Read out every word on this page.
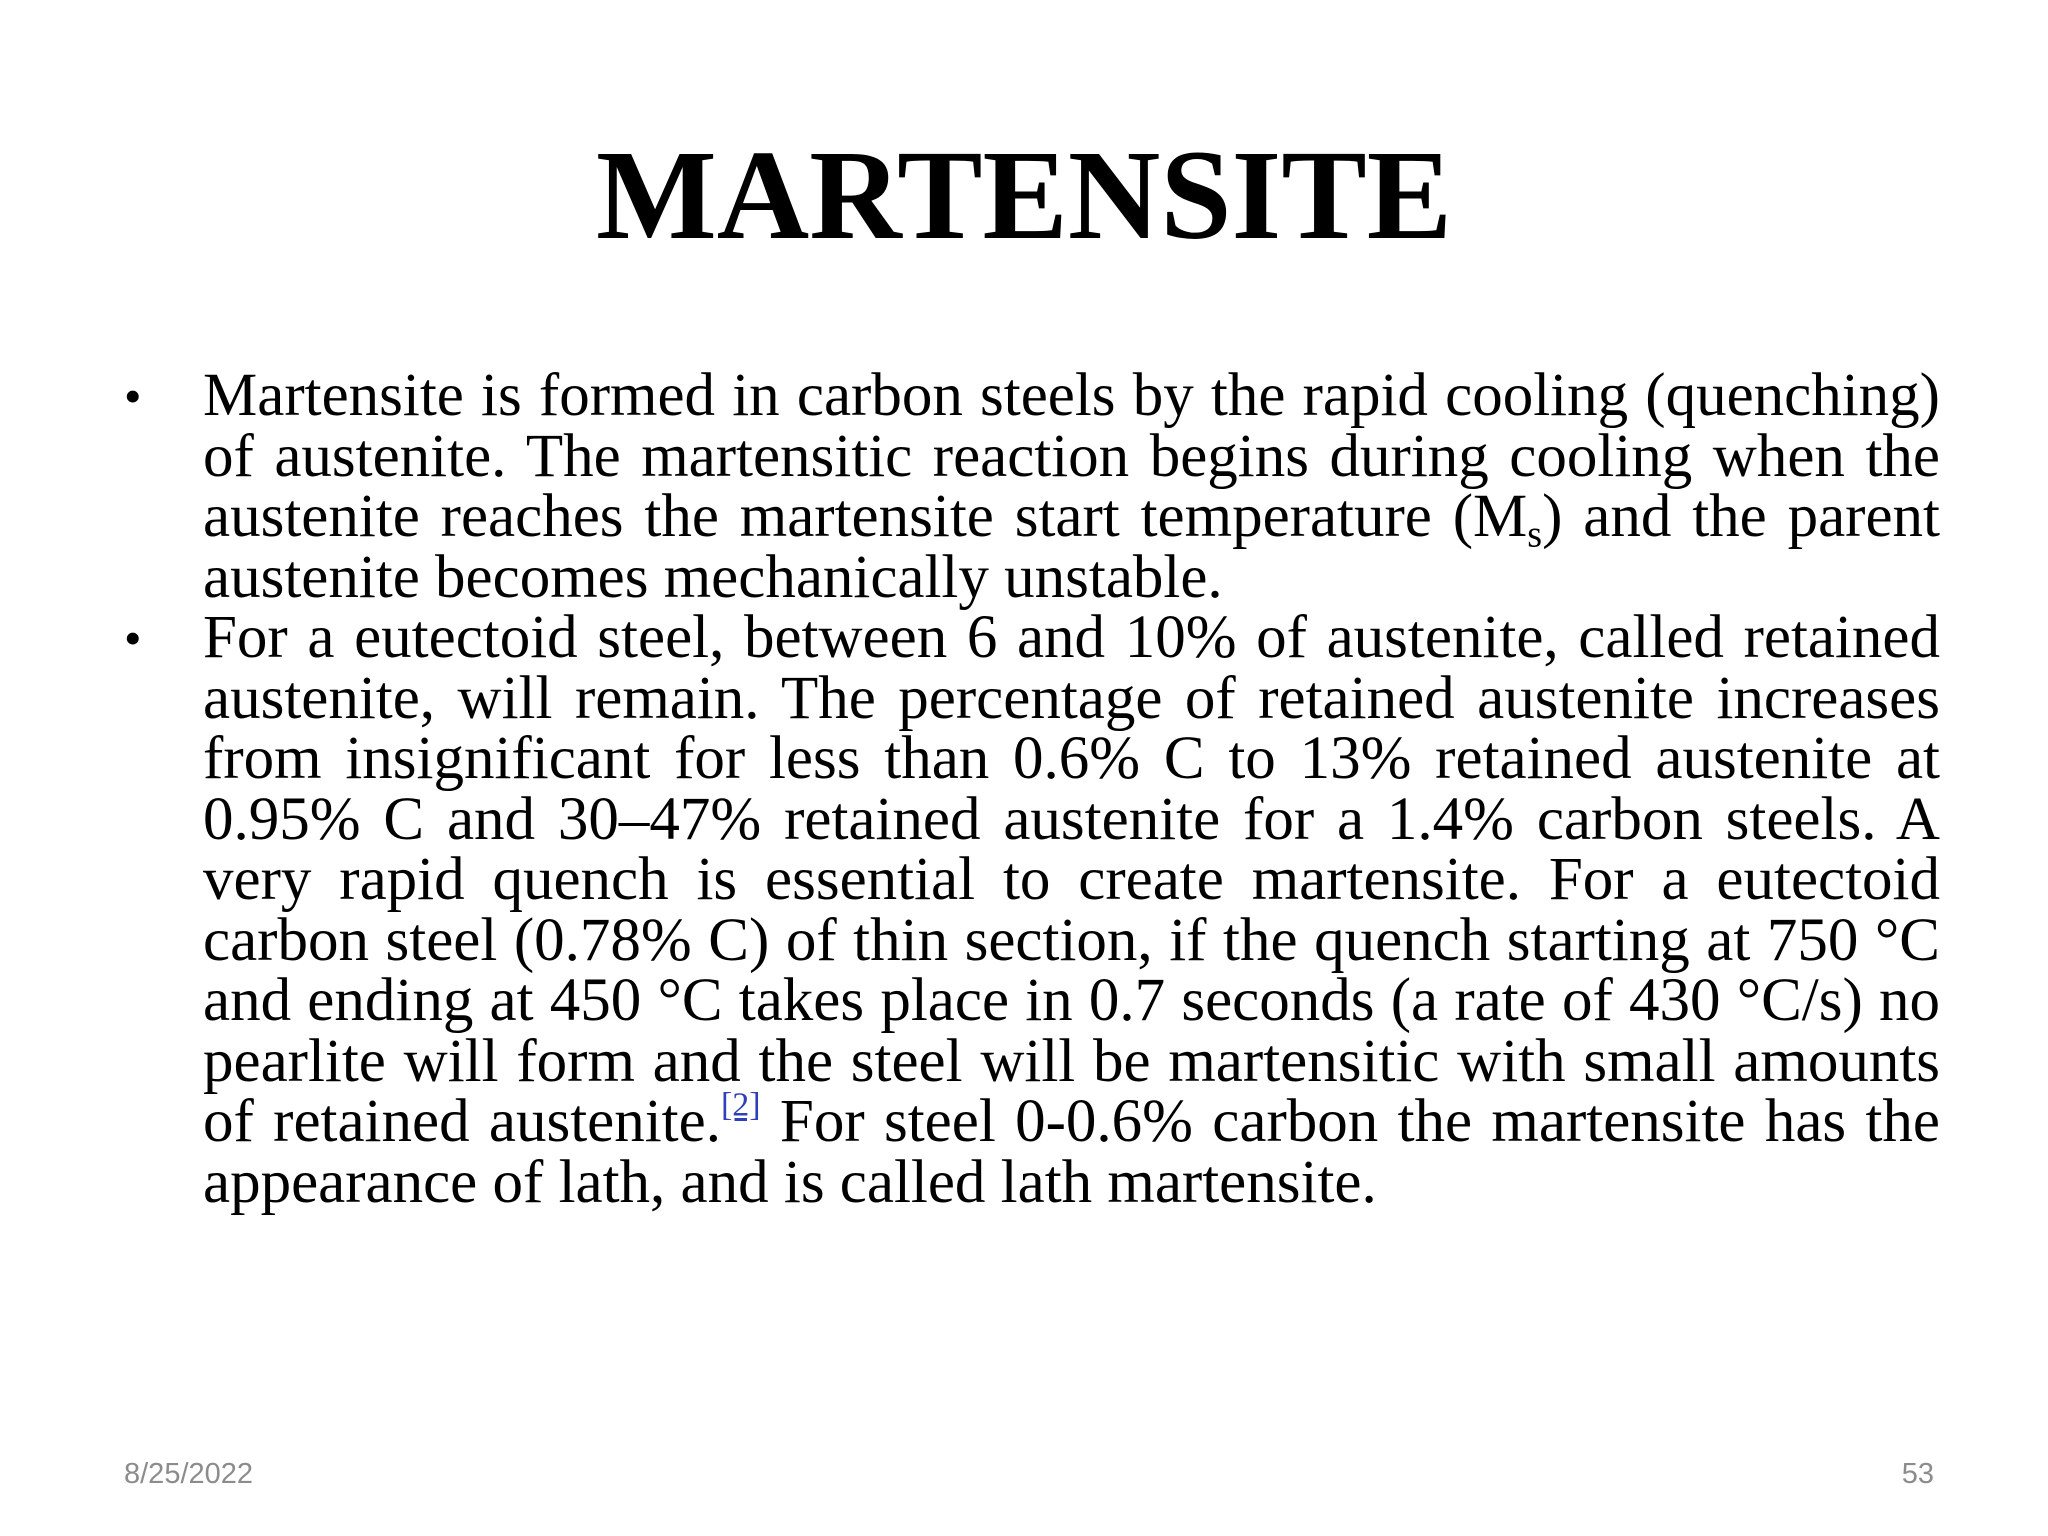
MARTENSITE
•	Martensite is formed in carbon steels by the rapid cooling (quenching) of austenite. The martensitic reaction begins during cooling when the austenite reaches the martensite start temperature $(M_s)$ and the parent austenite becomes mechanically unstable.
•	For a eutectoid steel, between 6 and 10% of austenite, called retained austenite, will remain. The percentage of retained austenite increases from insignificant for less than 0.6% C to 13% retained austenite at 0.95% C and 30–47% retained austenite for a 1.4% carbon steels. A very rapid quench is essential to create martensite. For a eutectoid carbon steel (0.78% C) of thin section, if the quench starting at 750 °C and ending at 450 °C takes place in 0.7 seconds (a rate of 430 °C/s) no pearlite will form and the steel will be martensitic with small amounts of retained austenite.[2] For steel 0-0.6% carbon the martensite has the appearance of lath, and is called lath martensite.
8/25/2022	53
